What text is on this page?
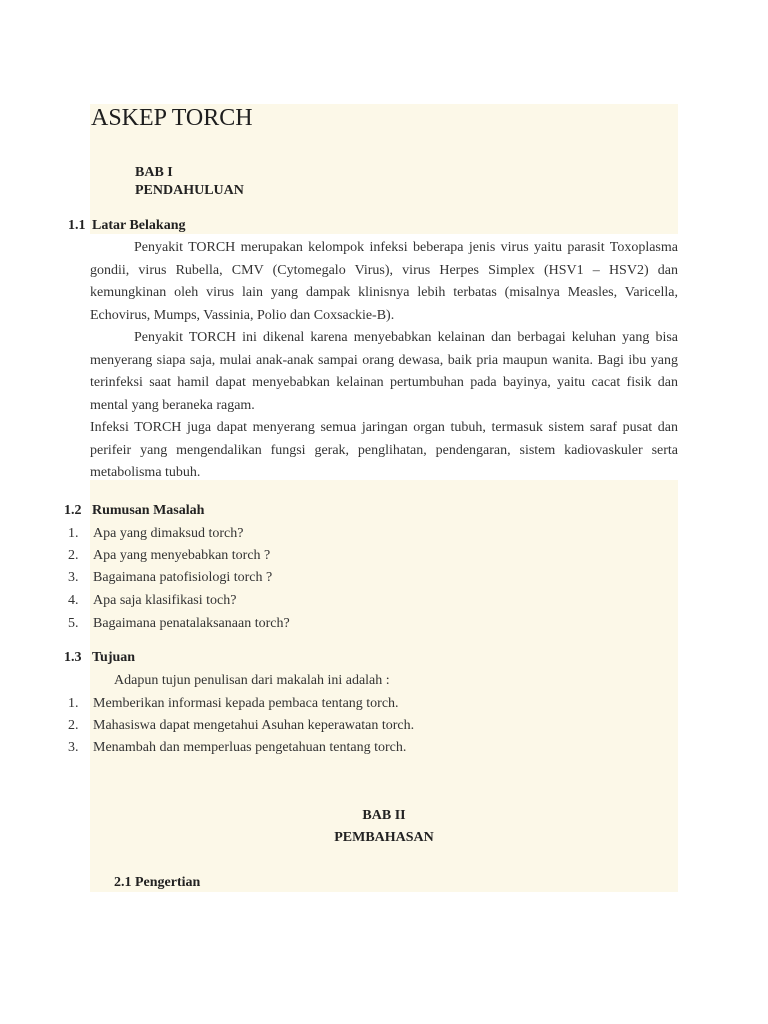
ASKEP TORCH
BAB I
PENDAHULUAN
1.1 Latar Belakang
Penyakit TORCH merupakan kelompok infeksi beberapa jenis virus yaitu parasit Toxoplasma gondii, virus Rubella, CMV (Cytomegalo Virus), virus Herpes Simplex (HSV1 – HSV2) dan kemungkinan oleh virus lain yang dampak klinisnya lebih terbatas (misalnya Measles, Varicella, Echovirus, Mumps, Vassinia, Polio dan Coxsackie-B).
Penyakit TORCH ini dikenal karena menyebabkan kelainan dan berbagai keluhan yang bisa menyerang siapa saja, mulai anak-anak sampai orang dewasa, baik pria maupun wanita. Bagi ibu yang terinfeksi saat hamil dapat menyebabkan kelainan pertumbuhan pada bayinya, yaitu cacat fisik dan mental yang beraneka ragam.
Infeksi TORCH juga dapat menyerang semua jaringan organ tubuh, termasuk sistem saraf pusat dan perifeir yang mengendalikan fungsi gerak, penglihatan, pendengaran, sistem kadiovaskuler serta metabolisma tubuh.
1.2 Rumusan Masalah
1.	Apa yang dimaksud torch?
2.	Apa yang menyebabkan torch ?
3.	Bagaimana patofisiologi torch ?
4.	Apa saja klasifikasi toch?
5.	Bagaimana penatalaksanaan torch?
1.3 Tujuan
Adapun tujun penulisan dari makalah ini adalah :
1.	Memberikan informasi kepada pembaca tentang torch.
2.	Mahasiswa dapat mengetahui Asuhan keperawatan torch.
3.	Menambah dan memperluas pengetahuan tentang torch.
BAB II
PEMBAHASAN
2.1 Pengertian
